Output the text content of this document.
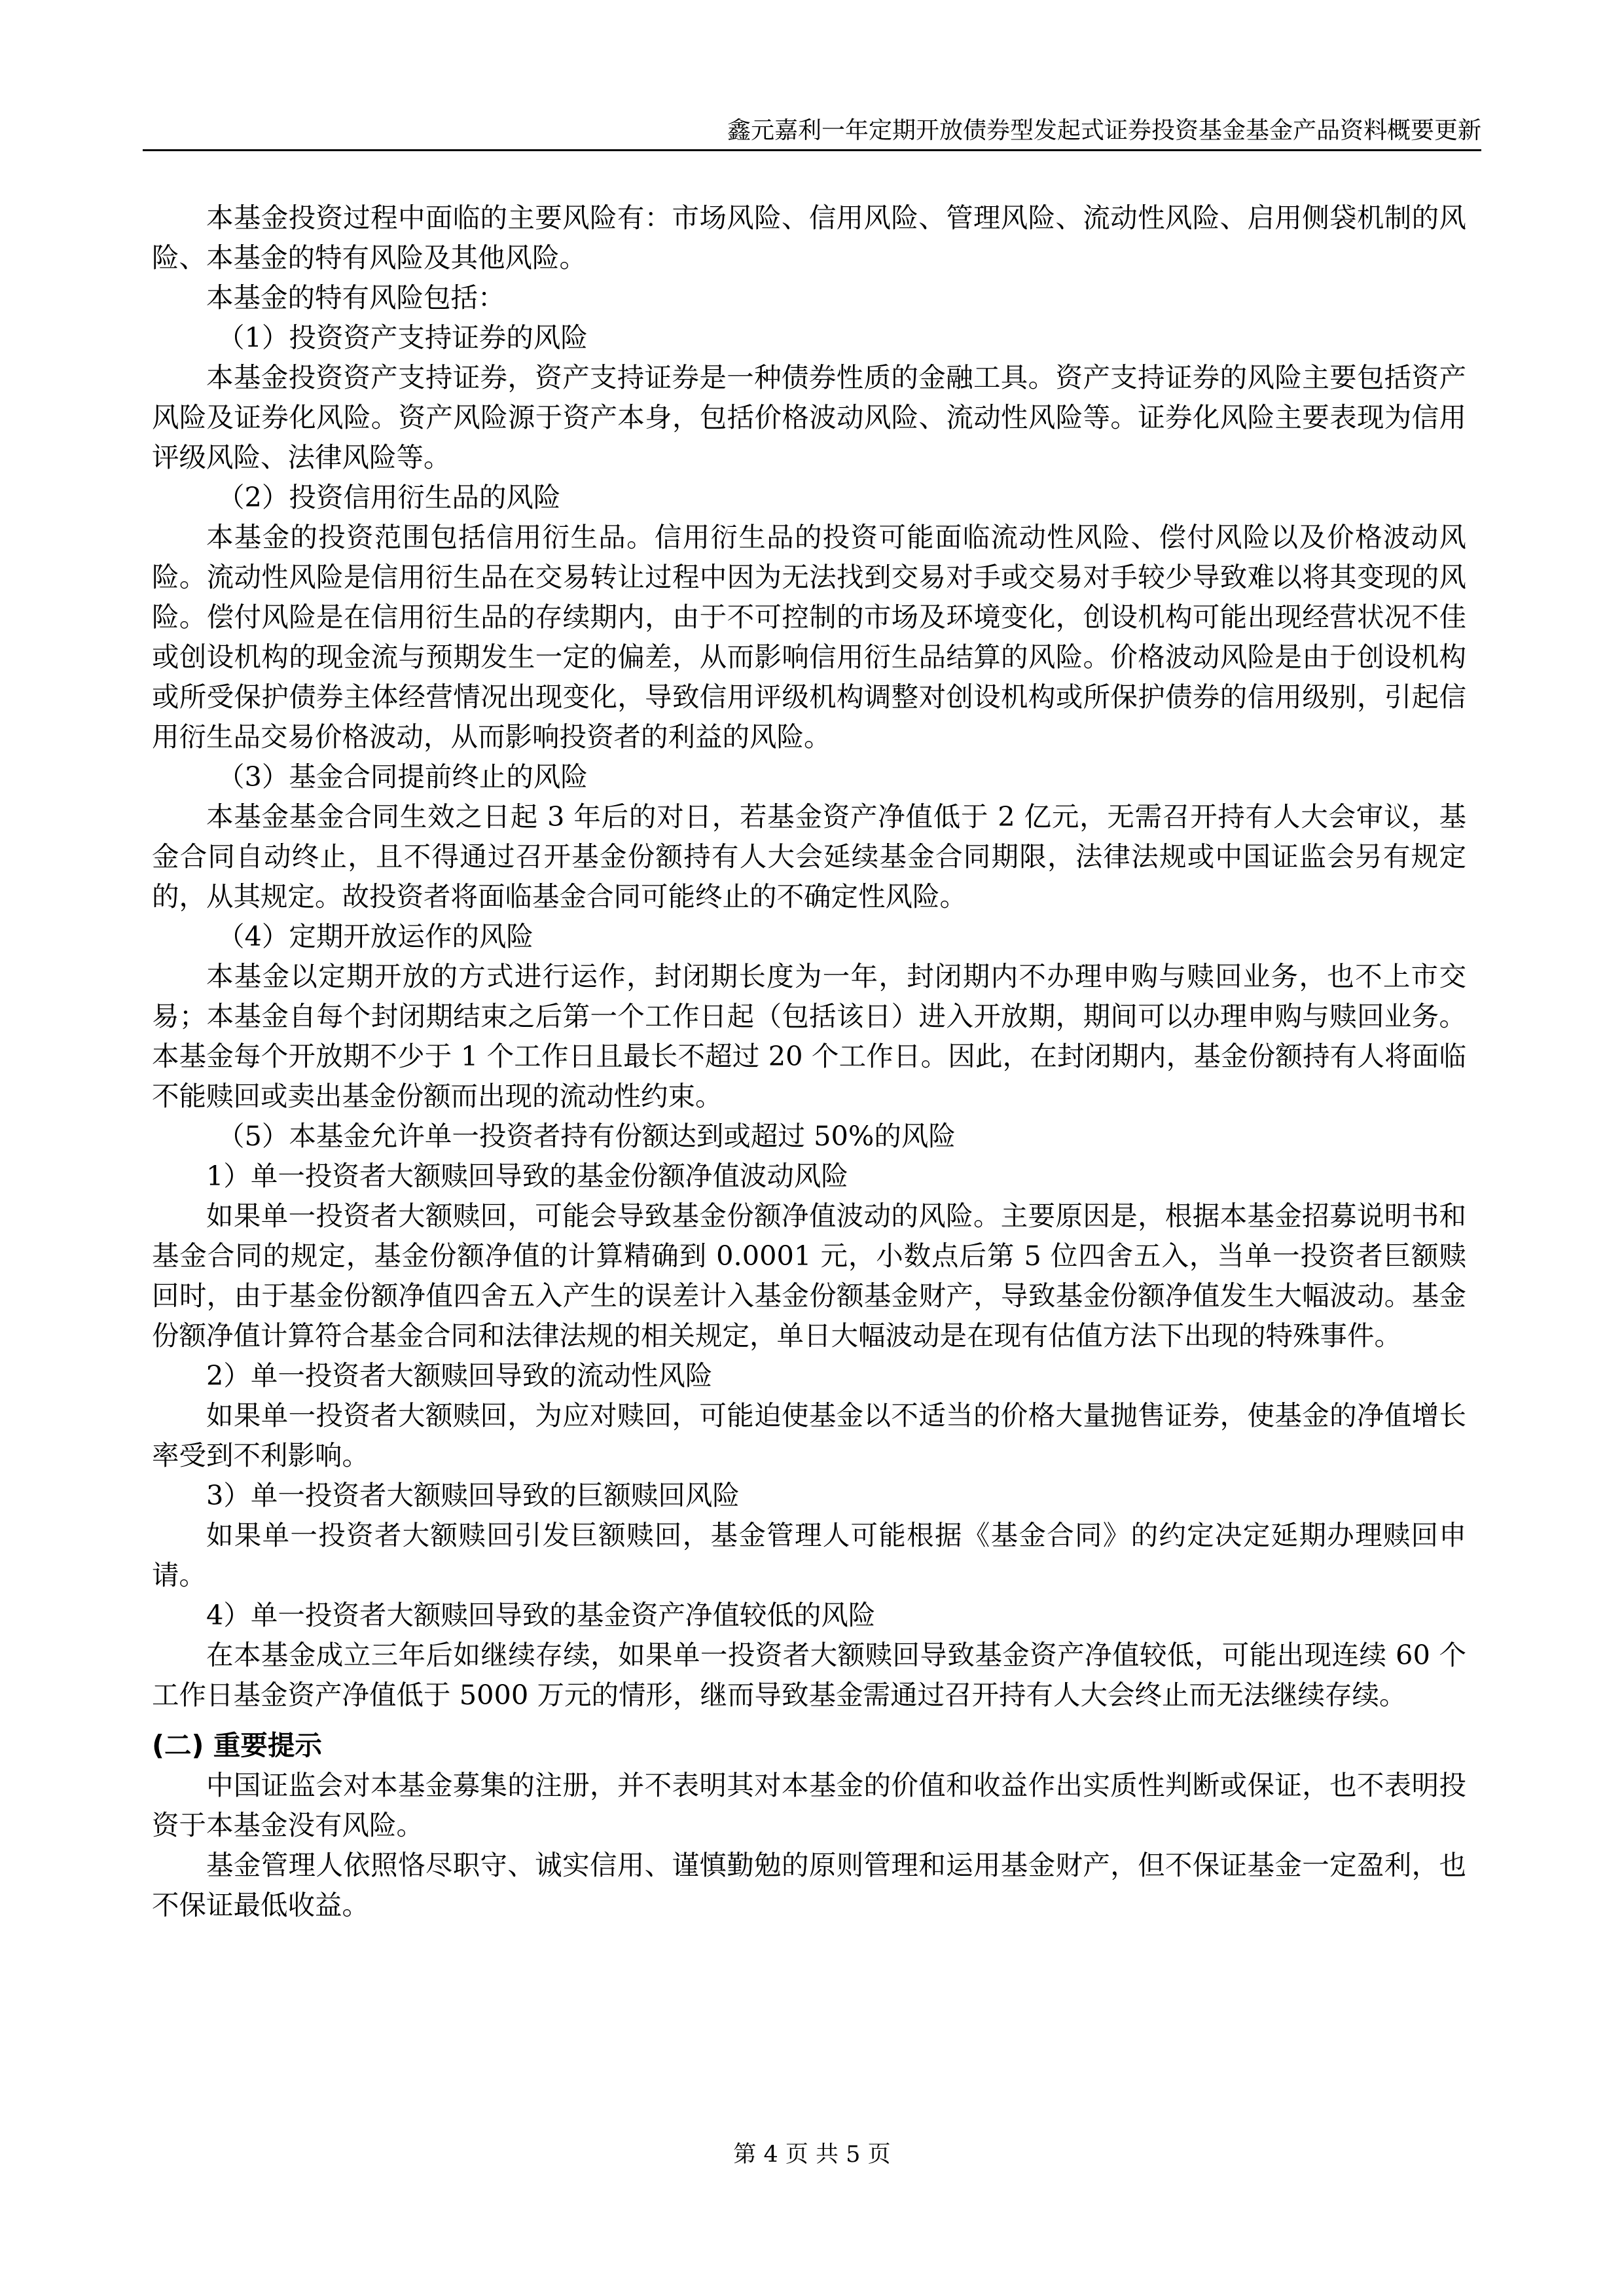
鑫元嘉利一年定期开放债券型发起式证券投资基金基金产品资料概要更新

本基金投资过程中面临的主要风险有：市场风险、信用风险、管理风险、流动性风险、启用侧袋机制的风险、本基金的特有风险及其他风险。

本基金的特有风险包括：

（1）投资资产支持证券的风险

本基金投资资产支持证券，资产支持证券是一种债券性质的金融工具。资产支持证券的风险主要包括资产风险及证券化风险。资产风险源于资产本身，包括价格波动风险、流动性风险等。证券化风险主要表现为信用评级风险、法律风险等。

（2）投资信用衍生品的风险

本基金的投资范围包括信用衍生品。信用衍生品的投资可能面临流动性风险、偿付风险以及价格波动风险。流动性风险是信用衍生品在交易转让过程中因为无法找到交易对手或交易对手较少导致难以将其变现的风险。偿付风险是在信用衍生品的存续期内，由于不可控制的市场及环境变化，创设机构可能出现经营状况不佳或创设机构的现金流与预期发生一定的偏差，从而影响信用衍生品结算的风险。价格波动风险是由于创设机构或所受保护债券主体经营情况出现变化，导致信用评级机构调整对创设机构或所保护债券的信用级别，引起信用衍生品交易价格波动，从而影响投资者的利益的风险。

（3）基金合同提前终止的风险

本基金基金合同生效之日起 3 年后的对日，若基金资产净值低于 2 亿元，无需召开持有人大会审议，基金合同自动终止，且不得通过召开基金份额持有人大会延续基金合同期限，法律法规或中国证监会另有规定的，从其规定。故投资者将面临基金合同可能终止的不确定性风险。

（4）定期开放运作的风险

本基金以定期开放的方式进行运作，封闭期长度为一年，封闭期内不办理申购与赎回业务，也不上市交易；本基金自每个封闭期结束之后第一个工作日起（包括该日）进入开放期，期间可以办理申购与赎回业务。本基金每个开放期不少于 1 个工作日且最长不超过 20 个工作日。因此，在封闭期内，基金份额持有人将面临不能赎回或卖出基金份额而出现的流动性约束。

（5）本基金允许单一投资者持有份额达到或超过 50%的风险

1）单一投资者大额赎回导致的基金份额净值波动风险

如果单一投资者大额赎回，可能会导致基金份额净值波动的风险。主要原因是，根据本基金招募说明书和基金合同的规定，基金份额净值的计算精确到 0.0001 元，小数点后第 5 位四舍五入，当单一投资者巨额赎回时，由于基金份额净值四舍五入产生的误差计入基金份额基金财产，导致基金份额净值发生大幅波动。基金份额净值计算符合基金合同和法律法规的相关规定，单日大幅波动是在现有估值方法下出现的特殊事件。

2）单一投资者大额赎回导致的流动性风险

如果单一投资者大额赎回，为应对赎回，可能迫使基金以不适当的价格大量抛售证券，使基金的净值增长率受到不利影响。

3）单一投资者大额赎回导致的巨额赎回风险

如果单一投资者大额赎回引发巨额赎回，基金管理人可能根据《基金合同》的约定决定延期办理赎回申请。

4）单一投资者大额赎回导致的基金资产净值较低的风险

在本基金成立三年后如继续存续，如果单一投资者大额赎回导致基金资产净值较低，可能出现连续 60 个工作日基金资产净值低于 5000 万元的情形，继而导致基金需通过召开持有人大会终止而无法继续存续。

(二) 重要提示

中国证监会对本基金募集的注册，并不表明其对本基金的价值和收益作出实质性判断或保证，也不表明投资于本基金没有风险。

基金管理人依照恪尽职守、诚实信用、谨慎勤勉的原则管理和运用基金财产，但不保证基金一定盈利，也不保证最低收益。

第 4 页 共 5 页
